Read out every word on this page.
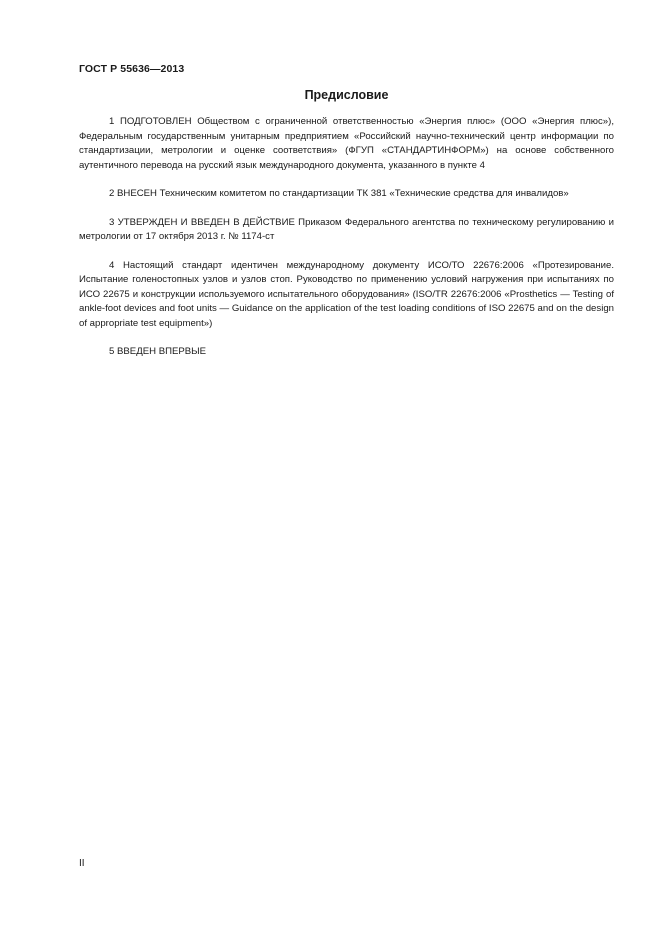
ГОСТ Р 55636—2013
Предисловие

1 ПОДГОТОВЛЕН Обществом с ограниченной ответственностью «Энергия плюс» (ООО «Энергия плюс»), Федеральным государственным унитарным предприятием «Российский научно-технический центр информации по стандартизации, метрологии и оценке соответствия» (ФГУП «СТАНДАРТИНФОРМ») на основе собственного аутентичного перевода на русский язык международного документа, указанного в пункте 4

2 ВНЕСЕН Техническим комитетом по стандартизации ТК 381 «Технические средства для инвалидов»

3 УТВЕРЖДЕН И ВВЕДЕН В ДЕЙСТВИЕ Приказом Федерального агентства по техническому регулированию и метрологии от 17 октября 2013 г. № 1174-ст

4 Настоящий стандарт идентичен международному документу ИСО/ТО 22676:2006 «Протезирование. Испытание голеностопных узлов и узлов стоп. Руководство по применению условий нагружения при испытаниях по ИСО 22675 и конструкции используемого испытательного оборудования» (ISO/TR 22676:2006 «Prosthetics — Testing of ankle-foot devices and foot units — Guidance on the application of the test loading conditions of ISO 22675 and on the design of appropriate test equipment»)

5 ВВЕДЕН ВПЕРВЫЕ

II
